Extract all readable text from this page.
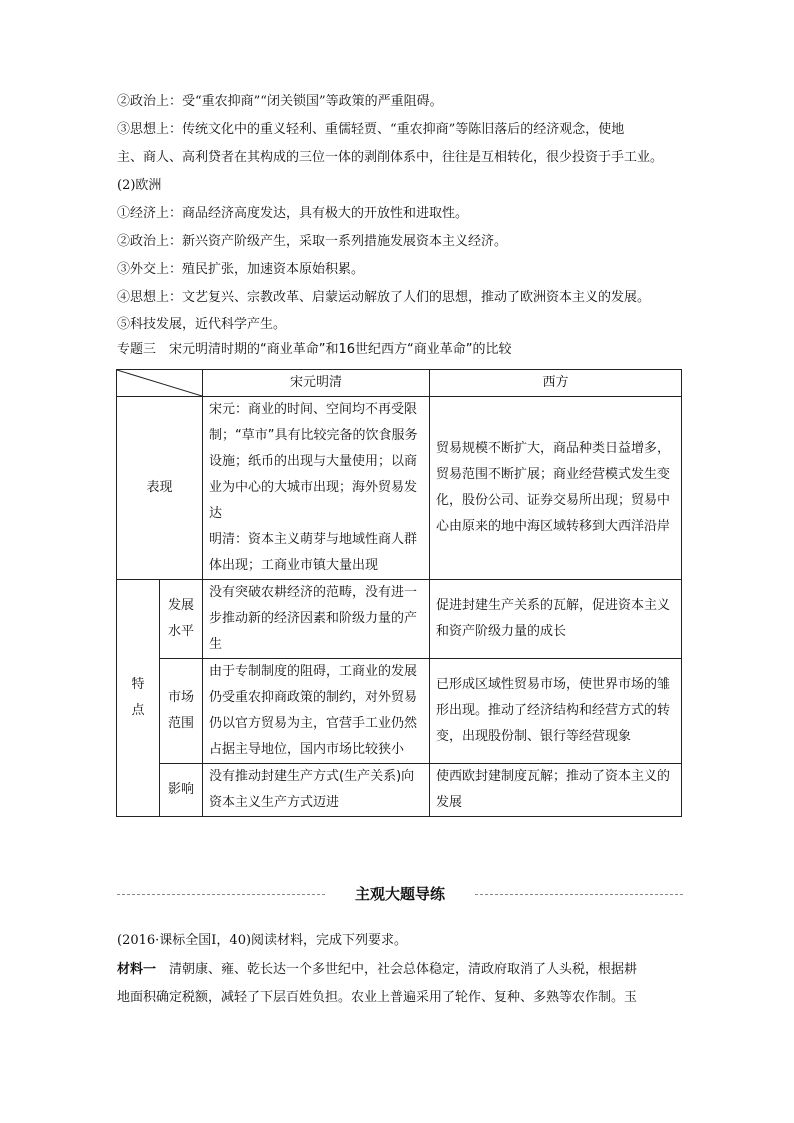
②政治上：受“重农抑商”“闭关锁国”等政策的严重阻碍。
③思想上：传统文化中的重义轻利、重儒轻贾、“重农抑商”等陈旧落后的经济观念，使地
主、商人、高利贷者在其构成的三位一体的剥削体系中，往往是互相转化，很少投资于手工业。
(2)欧洲
①经济上：商品经济高度发达，具有极大的开放性和进取性。
②政治上：新兴资产阶级产生，采取一系列措施发展资本主义经济。
③外交上：殖民扩张，加速资本原始积累。
④思想上：文艺复兴、宗教改革、启蒙运动解放了人们的思想，推动了欧洲资本主义的发展。
⑤科技发展，近代科学产生。
专题三　宋元明清时期的“商业革命”和16世纪西方“商业革命”的比较
	宋元明清	西方
表现		宋元：商业的时间、空间均不再受限制；“草市”具有比较完备的饮食服务设施；纸币的出现与大量使用；以商业为中心的大城市出现；海外贸易发达
明清：资本主义萌芽与地域性商人群体出现；工商业市镇大量出现	贸易规模不断扩大，商品种类日益增多，贸易范围不断扩展；商业经营模式发生变化，股份公司、证券交易所出现；贸易中心由原来的地中海区域转移到大西洋沿岸

特点	发展水平	没有突破农耕经济的范畴，没有进一步推动新的经济因素和阶级力量的产生	促进封建生产关系的瓦解，促进资本主义和资产阶级力量的成长

	市场范围	由于专制制度的阻碍，工商业的发展仍受重农抑商政策的制约，对外贸易仍以官方贸易为主，官营手工业仍然占据主导地位，国内市场比较狭小	已形成区域性贸易市场，使世界市场的雏形出现。推动了经济结构和经营方式的转变，出现股份制、银行等经营现象

	影响	没有推动封建生产方式(生产关系)向资本主义生产方式迈进	使西欧封建制度瓦解；推动了资本主义的发展
主观大题导练
(2016·课标全国Ⅰ，40)阅读材料，完成下列要求。
材料一　 清朝康、雍、乾长达一个多世纪中，社会总体稳定，清政府取消了人头税，根据耕
地面积确定税额，减轻了下层百姓负担。农业上普遍采用了轮作、复种、多熟等农作制。玉
